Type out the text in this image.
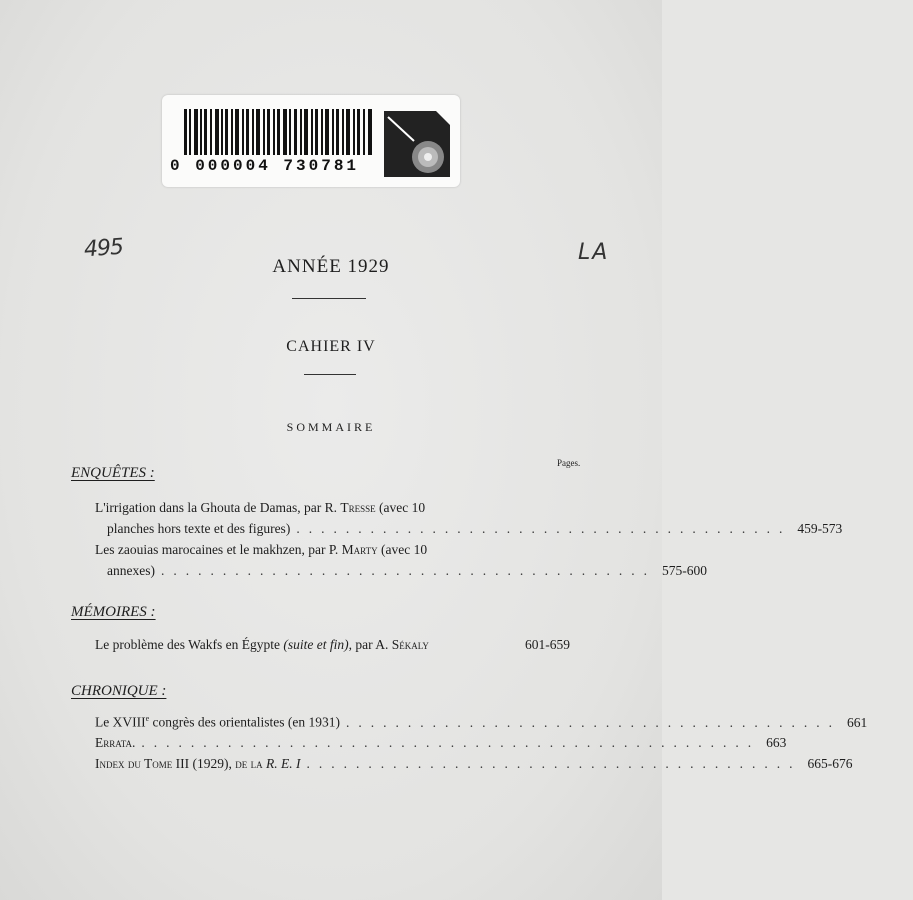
0 000004 730781
495	LA
ANNÉE 1929
CAHIER IV
SOMMAIRE
Pages.
ENQUÊTES :
L'irrigation dans la Ghouta de Damas, par R. Tresse (avec 10
planches hors texte et des figures) ........................................ 459-573
Les zaouias marocaines et le makhzen, par P. Marty (avec 10
annexes) ........................................ 575-600
MÉMOIRES :
Le problème des Wakfs en Égypte (suite et fin), par A. Sékaly	601-659
CHRONIQUE :
Le XVIIIe congrès des orientalistes (en 1931) ........................................ 661
Errata. .................................................. 663
Index du Tome III (1929), de la R. E. I ........................................ 665-676
